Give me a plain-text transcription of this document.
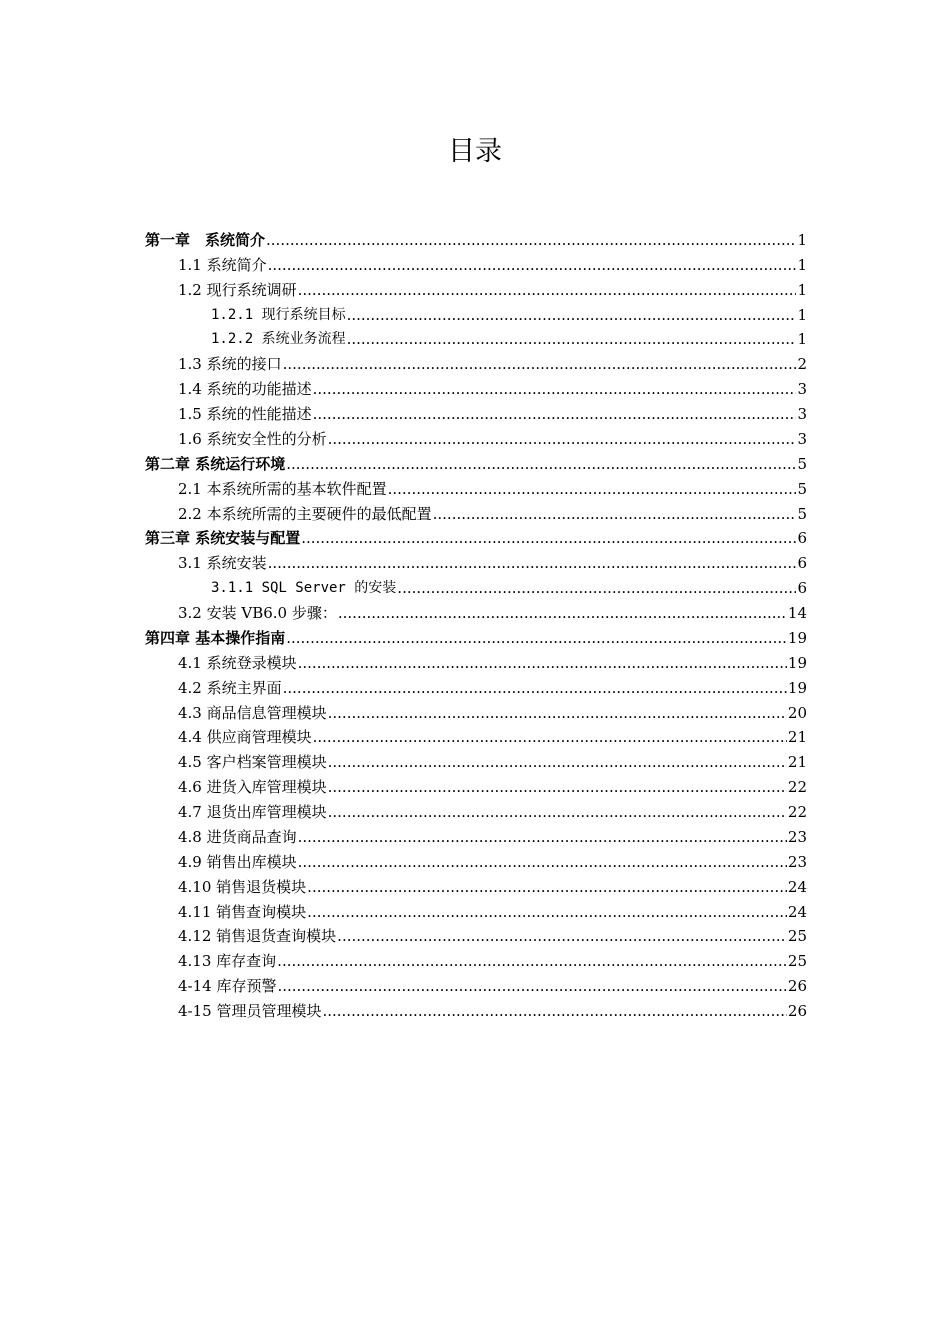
目录
第一章　系统简介 .....	1
1.1 系统简介 .....	1
1.2 现行系统调研 .....	1
1.2.1 现行系统目标 .....	1
1.2.2 系统业务流程 .....	1
1.3 系统的接口 .....	2
1.4 系统的功能描述 .....	3
1.5 系统的性能描述 .....	3
1.6 系统安全性的分析 .....	3
第二章 系统运行环境 .....	5
2.1 本系统所需的基本软件配置 .....	5
2.2 本系统所需的主要硬件的最低配置 .....	5
第三章 系统安装与配置 .....	6
3.1 系统安装 .....	6
3.1.1 SQL Server 的安装 .....	6
3.2 安装 VB6.0 步骤： .....	14
第四章 基本操作指南 .....	19
4.1 系统登录模块 .....	19
4.2 系统主界面 .....	19
4.3 商品信息管理模块 .....	20
4.4 供应商管理模块 .....	21
4.5 客户档案管理模块 .....	21
4.6 进货入库管理模块 .....	22
4.7 退货出库管理模块 .....	22
4.8 进货商品查询 .....	23
4.9 销售出库模块 .....	23
4.10 销售退货模块 .....	24
4.11 销售查询模块 .....	24
4.12 销售退货查询模块 .....	25
4.13 库存查询 .....	25
4-14 库存预警 .....	26
4-15 管理员管理模块 .....	26
